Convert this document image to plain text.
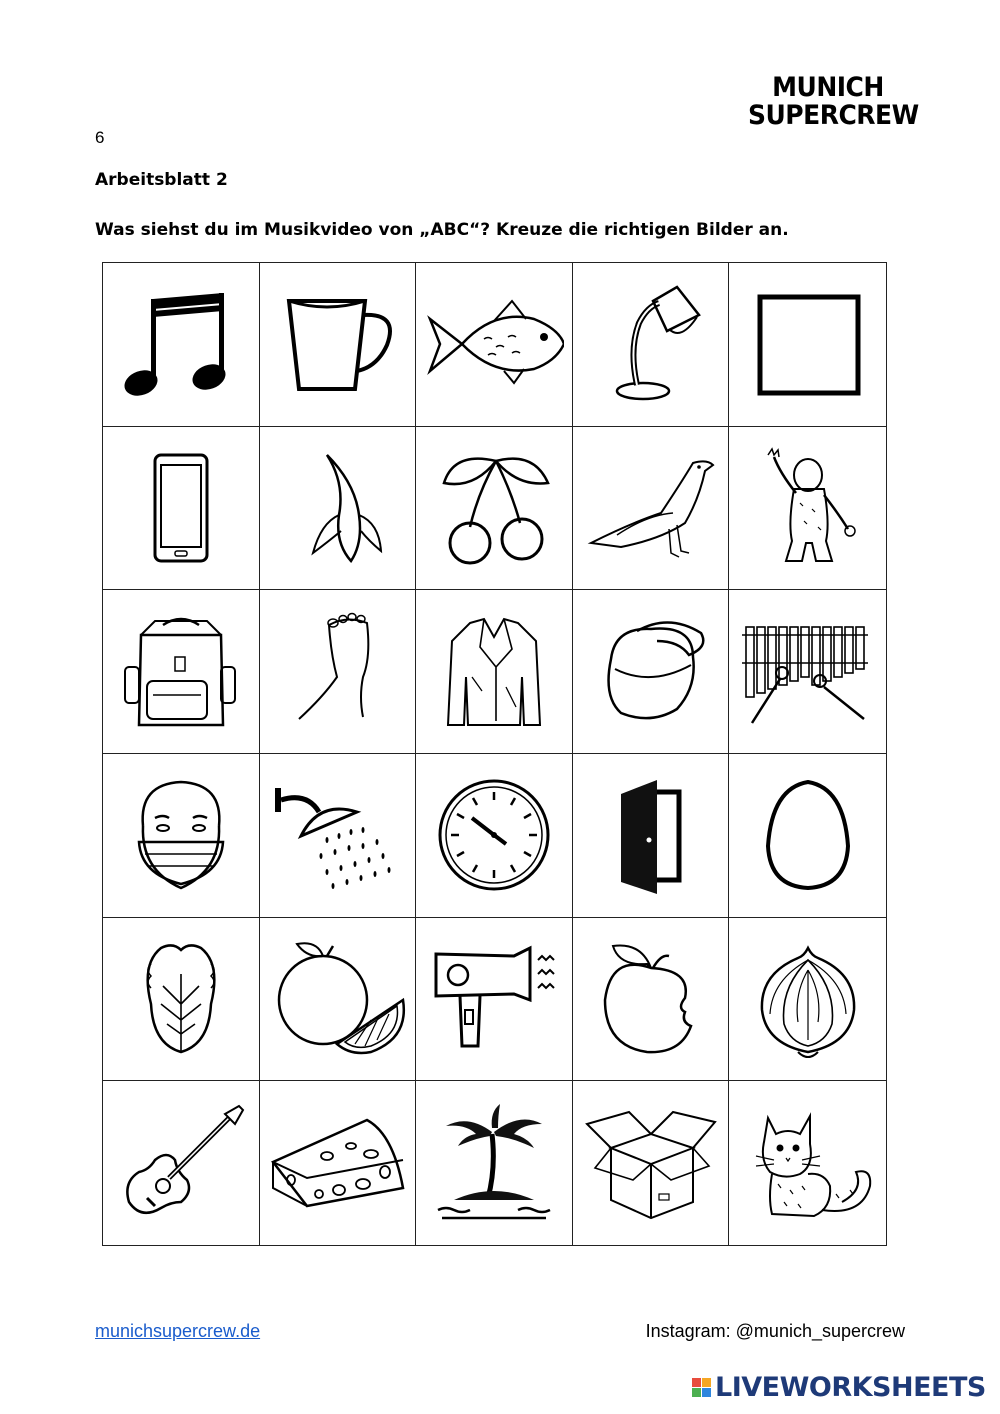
MUNICH
SUPERCREW
6
Arbeitsblatt 2
Was siehst du im Musikvideo von „ABC“? Kreuze die richtigen Bilder an.
munichsupercrew.de	Instagram: @munich_supercrew
LIVEWORKSHEETS
